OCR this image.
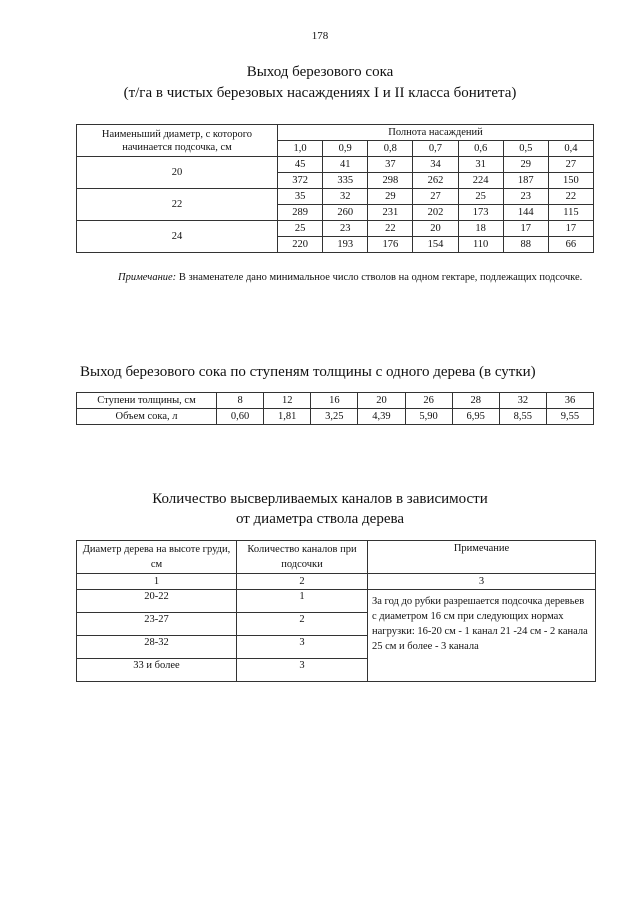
178
Выход березового сока
(т/га в чистых березовых насаждениях I и II класса бонитета)
Наименьший диаметр, с которого начинается подсочка, см	Полнота насаждений						
	1,0	0,9	0,8	0,7	0,6	0,5	0,4
20	45	41	37	34	31	29	27
	372	335	298	262	224	187	150
22	35	32	29	27	25	23	22
	289	260	231	202	173	144	115
24	25	23	22	20	18	17	17
	220	193	176	154	110	88	66
Примечание: В знаменателе дано минимальное число стволов на одном гектаре, подлежащих подсочке.
Выход березового сока по ступеням толщины с одного дерева (в сутки)
Ступени толщины, см	8	12	16	20	26	28	32	36
Объем сока, л	0,60	1,81	3,25	4,39	5,90	6,95	8,55	9,55
Количество высверливаемых каналов в зависимости
от диаметра ствола дерева
Диаметр дерева на высоте груди, см	Количество каналов при подсочки	Примечание
1	2	3
20-22	1	За год до рубки разрешается подсочка деревьев с диаметром 16 см при следующих нормах нагрузки: 16-20 см - 1 канал 21 -24 см - 2 канала 25 см и более - 3 канала
23-27	2	
28-32	3	
33 и более	3	
